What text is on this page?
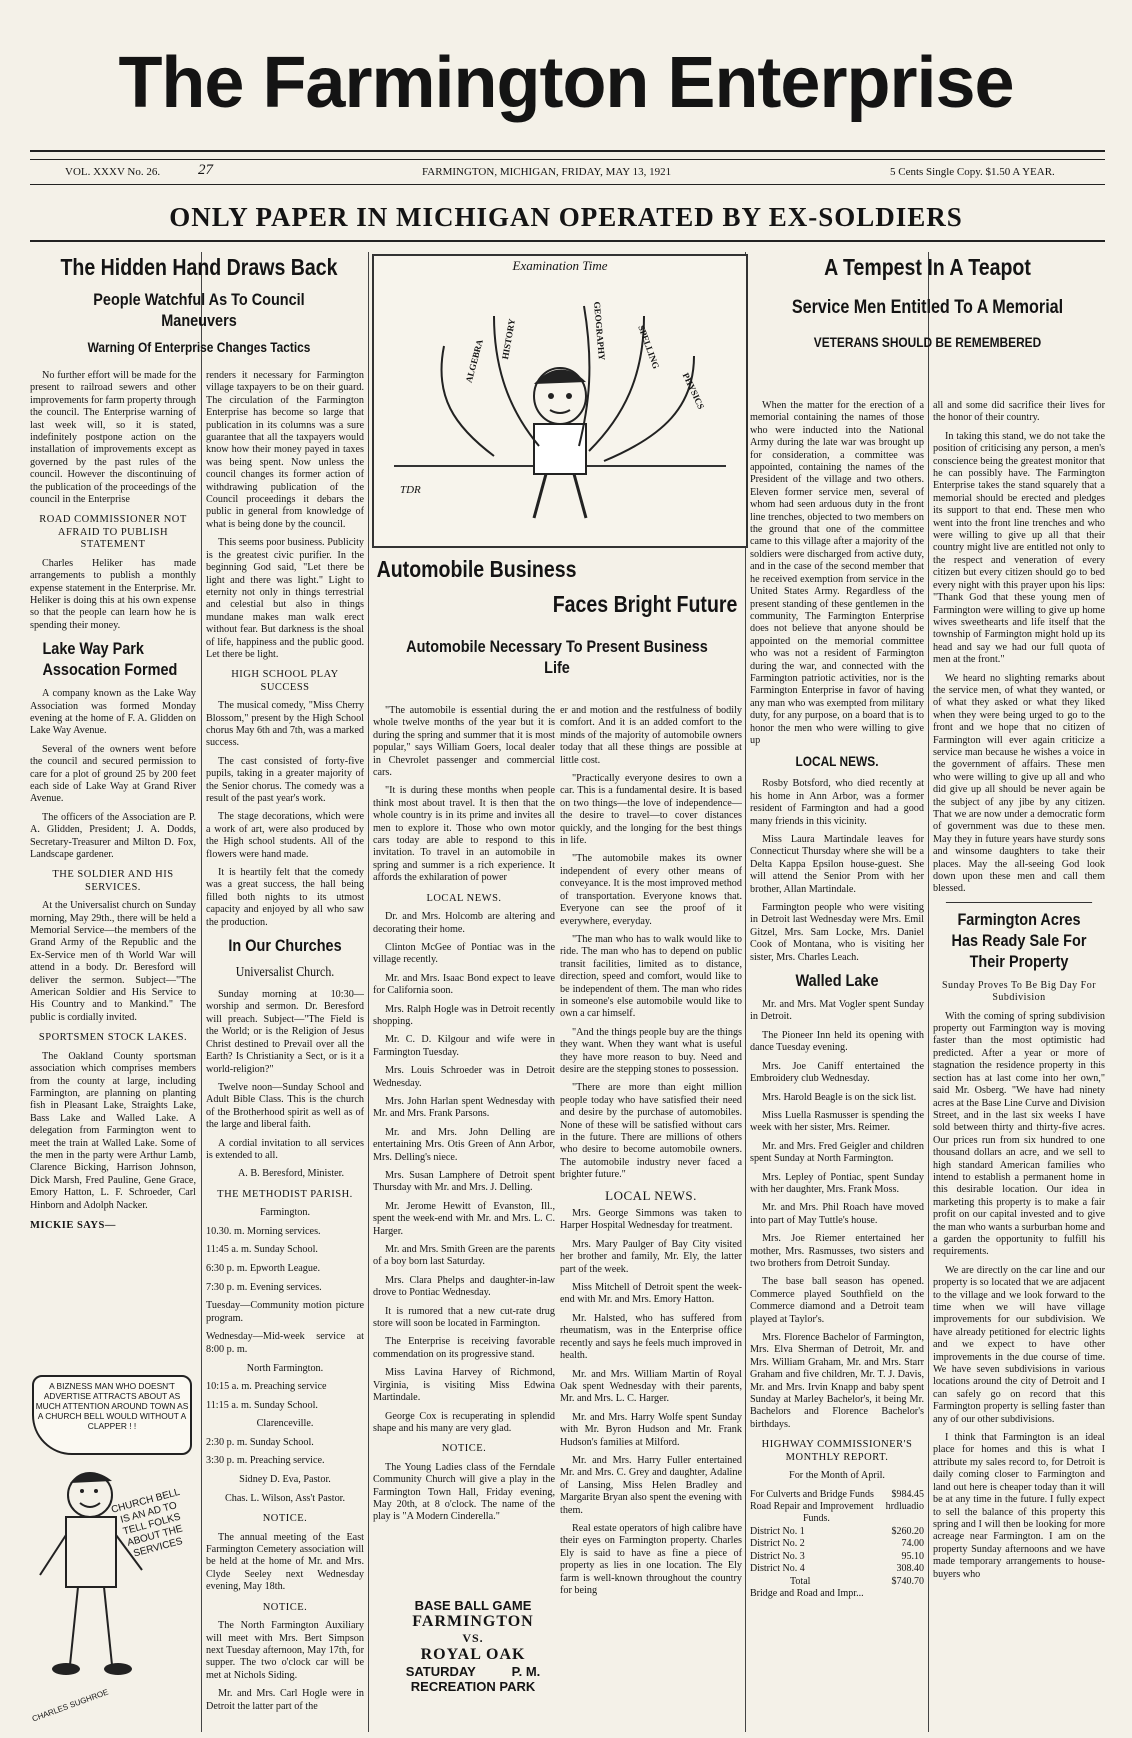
The Farmington Enterprise
VOL. XXXV No. 26.	27	FARMINGTON, MICHIGAN, FRIDAY, MAY 13, 1921	5 Cents Single Copy. $1.50 A YEAR.
ONLY PAPER IN MICHIGAN OPERATED BY EX-SOLDIERS
The Hidden Hand Draws Back
People Watchful As To Council Maneuvers
Warning Of Enterprise Changes Tactics

No further effort will be made for the present to railroad sewers and other improvements for farm property through the council. The Enterprise warning of last week will, so it is stated, indefinitely postpone action on the installation of improvements except as governed by the past rules of the council. However the discontinuing of the publication of the proceedings of the council in the Enterprise

ROAD COMMISSIONER NOT AFRAID TO PUBLISH STATEMENT

Charles Heliker has made arrangements to publish a monthly expense statement in the Enterprise. Mr. Heliker is doing this at his own expense so that the people can learn how he is spending their money.

Lake Way Park Assocation Formed

A company known as the Lake Way Association was formed Monday evening at the home of F. A. Glidden on Lake Way Avenue.

Several of the owners went before the council and secured permission to care for a plot of ground 25 by 200 feet each side of Lake Way at Grand River Avenue.

The officers of the Association are P. A. Glidden, President; J. A. Dodds, Secretary-Treasurer and Milton D. Fox, Landscape gardener.

THE SOLDIER AND HIS SERVICES.

At the Universalist church on Sunday morning, May 29th., there will be held a Memorial Service—the members of the Grand Army of the Republic and the Ex-Service men of th World War will attend in a body. Dr. Beresford will deliver the sermon. Subject—"The American Soldier and His Service to His Country and to Mankind." The public is cordially invited.

SPORTSMEN STOCK LAKES.

The Oakland County sportsman association which comprises members from the county at large, including Farmington, are planning on planting fish in Pleasant Lake, Straights Lake, Bass Lake and Walled Lake. A delegation from Farmington went to meet the train at Walled Lake. Some of the men in the party were Arthur Lamb, Clarence Bicking, Harrison Johnson, Dick Marsh, Fred Pauline, Gene Grace, Emory Hatton, L. F. Schroeder, Carl Hinborn and Adolph Nacker.

MICKIE SAYS—
A BIZNESS MAN WHO DOESN'T ADVERTISE ATTRACTS ABOUT AS MUCH ATTENTION AROUND TOWN AS A CHURCH BELL WOULD WITHOUT A CLAPPER ! !
CHURCH BELL IS AN AD TO TELL FOLKS ABOUT THE SERVICES
CHARLES SUGHROE

renders it necessary for Farmington village taxpayers to be on their guard. The circulation of the Farmington Enterprise has become so large that publication in its columns was a sure guarantee that all the taxpayers would know how their money payed in taxes was being spent. Now unless the council changes its former action of withdrawing publication of the Council proceedings it debars the public in general from knowledge of what is being done by the council.

This seems poor business. Publicity is the greatest civic purifier. In the beginning God said, "Let there be light and there was light." Light to eternity not only in things terrestrial and celestial but also in things mundane makes man walk erect without fear. But darkness is the shoal of life, happiness and the public good. Let there be light.

HIGH SCHOOL PLAY SUCCESS

The musical comedy, "Miss Cherry Blossom," present by the High School chorus May 6th and 7th, was a marked success.

The cast consisted of forty-five pupils, taking in a greater majority of the Senior chorus. The comedy was a result of the past year's work.

The stage decorations, which were a work of art, were also produced by the High school students. All of the flowers were hand made.

It is heartily felt that the comedy was a great success, the hall being filled both nights to its utmost capacity and enjoyed by all who saw the production.

In Our Churches
Universalist Church.

Sunday morning at 10:30—worship and sermon. Dr. Beresford will preach. Subject—"The Field is the World; or is the Religion of Jesus Christ destined to Prevail over all the Earth? Is Christianity a Sect, or is it a world-religion?"

Twelve noon—Sunday School and Adult Bible Class. This is the church of the Brotherhood spirit as well as of the large and liberal faith.

A cordial invitation to all services is extended to all.

A. B. Beresford, Minister.

THE METHODIST PARISH.
Farmington.
10.30. m. Morning services.
11:45 a. m. Sunday School.
6:30 p. m. Epworth League.
7:30 p. m. Evening services.
Tuesday—Community motion picture program.
Wednesday—Mid-week service at 8:00 p. m.
North Farmington.
10:15 a. m. Preaching service
11:15 a. m. Sunday School.
Clarenceville.
2:30 p. m. Sunday School.
3:30 p. m. Preaching service.
Sidney D. Eva, Pastor.
Chas. L. Wilson, Ass't Pastor.
NOTICE.

The annual meeting of the East Farmington Cemetery association will be held at the home of Mr. and Mrs. Clyde Seeley next Wednesday evening, May 18th.

NOTICE.

The North Farmington Auxiliary will meet with Mrs. Bert Simpson next Tuesday afternoon, May 17th, for supper. The two o'clock car will be met at Nichols Siding.

Mr. and Mrs. Carl Hogle were in Detroit the latter part of the

Examination Time
ALGEBRA HISTORY	GEOGRAPHY	SPELLING
PHYSICS
TDR
Automobile Business
Faces Bright Future
Automobile Necessary To Present Business Life

"The automobile is essential during the whole twelve months of the year but it is during the spring and summer that it is most popular," says William Goers, local dealer in Chevrolet passenger and commercial cars.

"It is during these months when people think most about travel. It is then that the whole country is in its prime and invites all men to explore it. Those who own motor cars today are able to respond to this invitation. To travel in an automobile in spring and summer is a rich experience. It affords the exhilaration of power

LOCAL NEWS.

Dr. and Mrs. Holcomb are altering and decorating their home.

Clinton McGee of Pontiac was in the village recently.

Mr. and Mrs. Isaac Bond expect to leave for California soon.

Mrs. Ralph Hogle was in Detroit recently shopping.

Mr. C. D. Kilgour and wife were in Farmington Tuesday.

Mrs. Louis Schroeder was in Detroit Wednesday.

Mrs. John Harlan spent Wednesday with Mr. and Mrs. Frank Parsons.

Mr. and Mrs. John Delling are entertaining Mrs. Otis Green of Ann Arbor, Mrs. Delling's niece.

Mrs. Susan Lamphere of Detroit spent Thursday with Mr. and Mrs. J. Delling.

Mr. Jerome Hewitt of Evanston, Ill., spent the week-end with Mr. and Mrs. L. C. Harger.

Mr. and Mrs. Smith Green are the parents of a boy born last Saturday.

Mrs. Clara Phelps and daughter-in-law drove to Pontiac Wednesday.

It is rumored that a new cut-rate drug store will soon be located in Farmington.

The Enterprise is receiving favorable commendation on its progressive stand.

Miss Lavina Harvey of Richmond, Virginia, is visiting Miss Edwina Martindale.

George Cox is recuperating in splendid shape and his many are very glad.

NOTICE.

The Young Ladies class of the Ferndale Community Church will give a play in the Farmington Town Hall, Friday evening, May 20th, at 8 o'clock. The name of the play is "A Modern Cinderella."

BASE BALL GAME
FARMINGTON
VS.
ROYAL OAK
SATURDAY          P. M.
RECREATION PARK

er and motion and the restfulness of bodily comfort. And it is an added comfort to the minds of the majority of automobile owners today that all these things are possible at little cost.

"Practically everyone desires to own a car. This is a fundamental desire. It is based on two things—the love of independence—the desire to travel—to cover distances quickly, and the longing for the best things in life.

"The automobile makes its owner independent of every other means of conveyance. It is the most improved method of transportation. Everyone knows that. Everyone can see the proof of it everywhere, everyday.

"The man who has to walk would like to ride. The man who has to depend on public transit facilities, limited as to distance, direction, speed and comfort, would like to be independent of them. The man who rides in someone's else automobile would like to own a car himself.

"And the things people buy are the things they want. When they want what is useful they have more reason to buy. Need and desire are the stepping stones to possession.

"There are more than eight million people today who have satisfied their need and desire by the purchase of automobiles. None of these will be satisfied without cars in the future. There are millions of others who desire to become automobile owners. The automobile industry never faced a brighter future."

LOCAL NEWS.

Mrs. George Simmons was taken to Harper Hospital Wednesday for treatment.

Mrs. Mary Paulger of Bay City visited her brother and family, Mr. Ely, the latter part of the week.

Miss Mitchell of Detroit spent the week-end with Mr. and Mrs. Emory Hatton.

Mr. Halsted, who has suffered from rheumatism, was in the Enterprise office recently and says he feels much improved in health.

Mr. and Mrs. William Martin of Royal Oak spent Wednesday with their parents, Mr. and Mrs. L. C. Harger.

Mr. and Mrs. Harry Wolfe spent Sunday with Mr. Byron Hudson and Mr. Frank Hudson's families at Milford.

Mr. and Mrs. Harry Fuller entertained Mr. and Mrs. C. Grey and daughter, Adaline of Lansing, Miss Helen Bradley and Margarite Bryan also spent the evening with them.

Real estate operators of high calibre have their eyes on Farmington property. Charles Ely is said to have as fine a piece of property as lies in one location. The Ely farm is well-known throughout the country for being

A Tempest In A Teapot
Service Men Entitled To A Memorial
VETERANS SHOULD BE REMEMBERED

When the matter for the erection of a memorial containing the names of those who were inducted into the National Army during the late war was brought up for consideration, a committee was appointed, containing the names of the President of the village and two others. Eleven former service men, several of whom had seen arduous duty in the front line trenches, objected to two members on the ground that one of the committee came to this village after a majority of the soldiers were discharged from active duty, and in the case of the second member that he received exemption from service in the United States Army. Regardless of the present standing of these gentlemen in the community, The Farmington Enterprise does not believe that anyone should be appointed on the memorial committee who was not a resident of Farmington during the war, and connected with the Farmington patriotic activities, nor is the Farmington Enterprise in favor of having any man who was exempted from military duty, for any purpose, on a board that is to honor the men who were willing to give up

LOCAL NEWS.

Rosby Botsford, who died recently at his home in Ann Arbor, was a former resident of Farmington and had a good many friends in this vicinity.

Miss Laura Martindale leaves for Connecticut Thursday where she will be a Delta Kappa Epsilon house-guest. She will attend the Senior Prom with her brother, Allan Martindale.

Farmington people who were visiting in Detroit last Wednesday were Mrs. Emil Gitzel, Mrs. Sam Locke, Mrs. Daniel Cook of Montana, who is visiting her sister, Mrs. Charles Leach.

Walled Lake

Mr. and Mrs. Mat Vogler spent Sunday in Detroit.

The Pioneer Inn held its opening with dance Tuesday evening.

Mrs. Joe Caniff entertained the Embroidery club Wednesday.

Mrs. Harold Beagle is on the sick list.

Miss Luella Rasmusser is spending the week with her sister, Mrs. Reimer.

Mr. and Mrs. Fred Geigler and children spent Sunday at North Farmington.

Mrs. Lepley of Pontiac, spent Sunday with her daughter, Mrs. Frank Moss.

Mr. and Mrs. Phil Roach have moved into part of May Tuttle's house.

Mrs. Joe Riemer entertained her mother, Mrs. Rasmusses, two sisters and two brothers from Detroit Sunday.

The base ball season has opened. Commerce played Southfield on the Commerce diamond and a Detroit team played at Taylor's.

Mrs. Florence Bachelor of Farmington, Mrs. Elva Sherman of Detroit, Mr. and Mrs. William Graham, Mr. and Mrs. Starr Graham and five children, Mr. T. J. Davis, Mr. and Mrs. Irvin Knapp and baby spent Sunday at Marley Bachelor's, it being Mr. Bachelors and Florence Bachelor's birthdays.

HIGHWAY COMMISSIONER'S MONTHLY REPORT.
For the Month of April.
For Culverts and Bridge Funds	$984.45
Road Repair and Improvement	hrdluadio
Funds.	
District No. 1	$260.20
District No. 2	74.00
District No. 3	95.10
District No. 4	308.40
Total	$740.70
Bridge and Road and Impr...	

all and some did sacrifice their lives for the honor of their country.

In taking this stand, we do not take the position of criticising any person, a men's conscience being the greatest monitor that he can possibly have. The Farmington Enterprise takes the stand squarely that a memorial should be erected and pledges its support to that end. These men who went into the front line trenches and who were willing to give up all that their country might live are entitled not only to the respect and veneration of every citizen but every citizen should go to bed every night with this prayer upon his lips: "Thank God that these young men of Farmington were willing to give up home wives sweethearts and life itself that the township of Farmington might hold up its head and say we had our full quota of men at the front."

We heard no slighting remarks about the service men, of what they wanted, or of what they asked or what they liked when they were being urged to go to the front and we hope that no citizen of Farmington will ever again criticize a service man because he wishes a voice in the government of affairs. These men who were willing to give up all and who did give up all should be never again be the subject of any jibe by any citizen. That we are now under a democratic form of government was due to these men. May they in future years have sturdy sons and winsome daughters to take their places. May the all-seeing God look down upon these men and call them blessed.

Farmington Acres Has Ready Sale For Their Property
Sunday Proves To Be Big Day For Subdivision

With the coming of spring subdivision property out Farmington way is moving faster than the most optimistic had predicted. After a year or more of stagnation the residence property in this section has at last come into her own," said Mr. Osberg. "We have had ninety acres at the Base Line Curve and Division Street, and in the last six weeks I have sold between thirty and thirty-five acres. Our prices run from six hundred to one thousand dollars an acre, and we sell to high standard American families who intend to establish a permanent home in this desirable location. Our idea in marketing this property is to make a fair profit on our capital invested and to give the man who wants a surburban home and a garden the opportunity to fulfill his requirements.

We are directly on the car line and our property is so located that we are adjacent to the village and we look forward to the time when we will have village improvements for our subdivision. We have already petitioned for electric lights and we expect to have other improvements in the due course of time. We have seven subdivisions in various locations around the city of Detroit and I can safely go on record that this Farmington property is selling faster than any of our other subdivisions.

I think that Farmington is an ideal place for homes and this is what I attribute my sales record to, for Detroit is daily coming closer to Farmington and land out here is cheaper today than it will be at any time in the future. I fully expect to sell the balance of this property this spring and I will then be looking for more acreage near Farmington. I am on the property Sunday afternoons and we have made temporary arrangements to house-buyers who
